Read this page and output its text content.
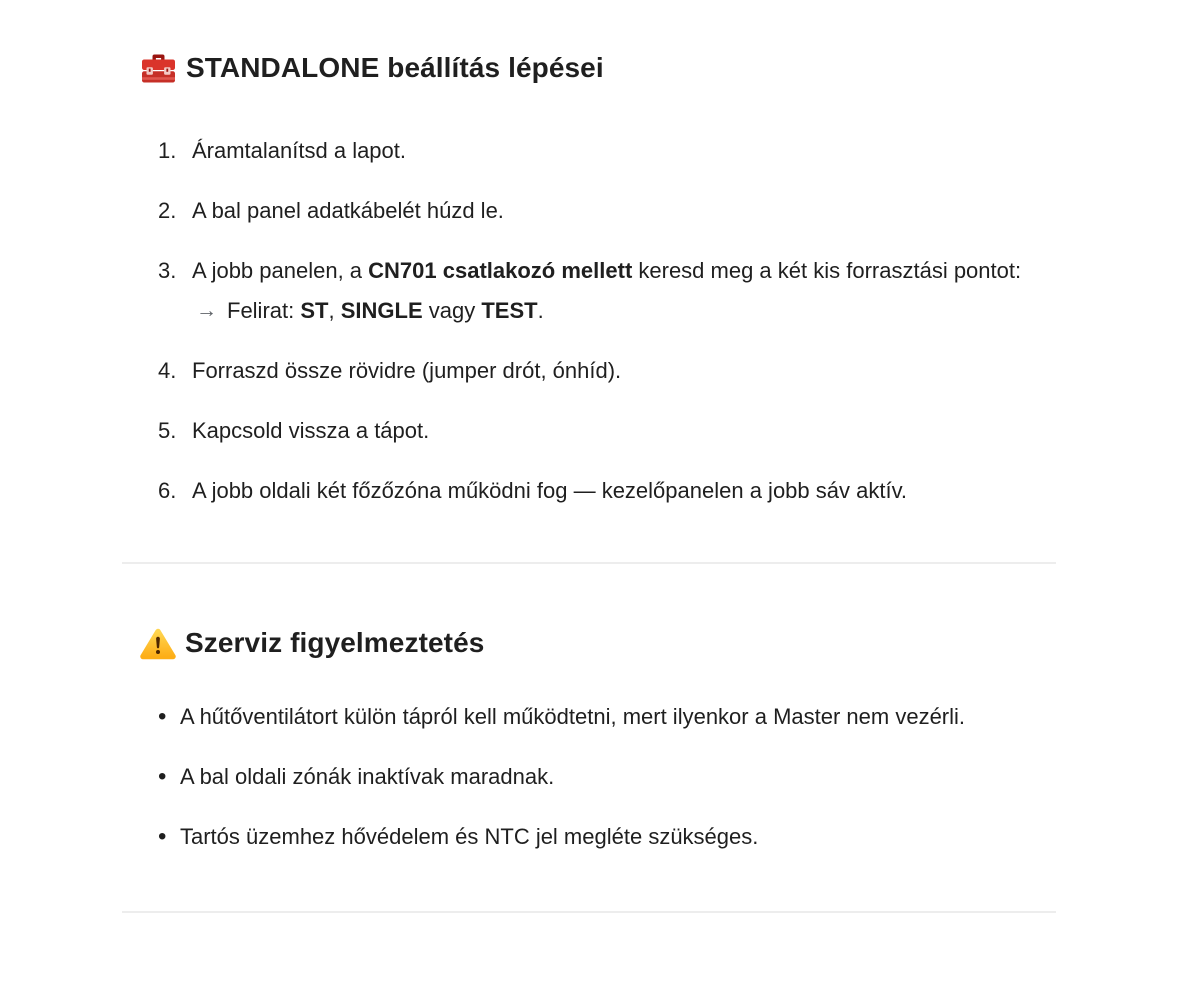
STANDALONE beállítás lépései
1. Áramtalanítsd a lapot.
2. A bal panel adatkábelét húzd le.
3. A jobb panelen, a CN701 csatlakozó mellett keresd meg a két kis forrasztási pontot:
→ Felirat: ST, SINGLE vagy TEST.
4. Forraszd össze rövidre (jumper drót, ónhíd).
5. Kapcsold vissza a tápot.
6. A jobb oldali két főzőzóna működni fog — kezelőpanelen a jobb sáv aktív.
Szerviz figyelmeztetés
• A hűtőventilátort külön tápról kell működtetni, mert ilyenkor a Master nem vezérli.
• A bal oldali zónák inaktívak maradnak.
• Tartós üzemhez hővédelem és NTC jel megléte szükséges.
